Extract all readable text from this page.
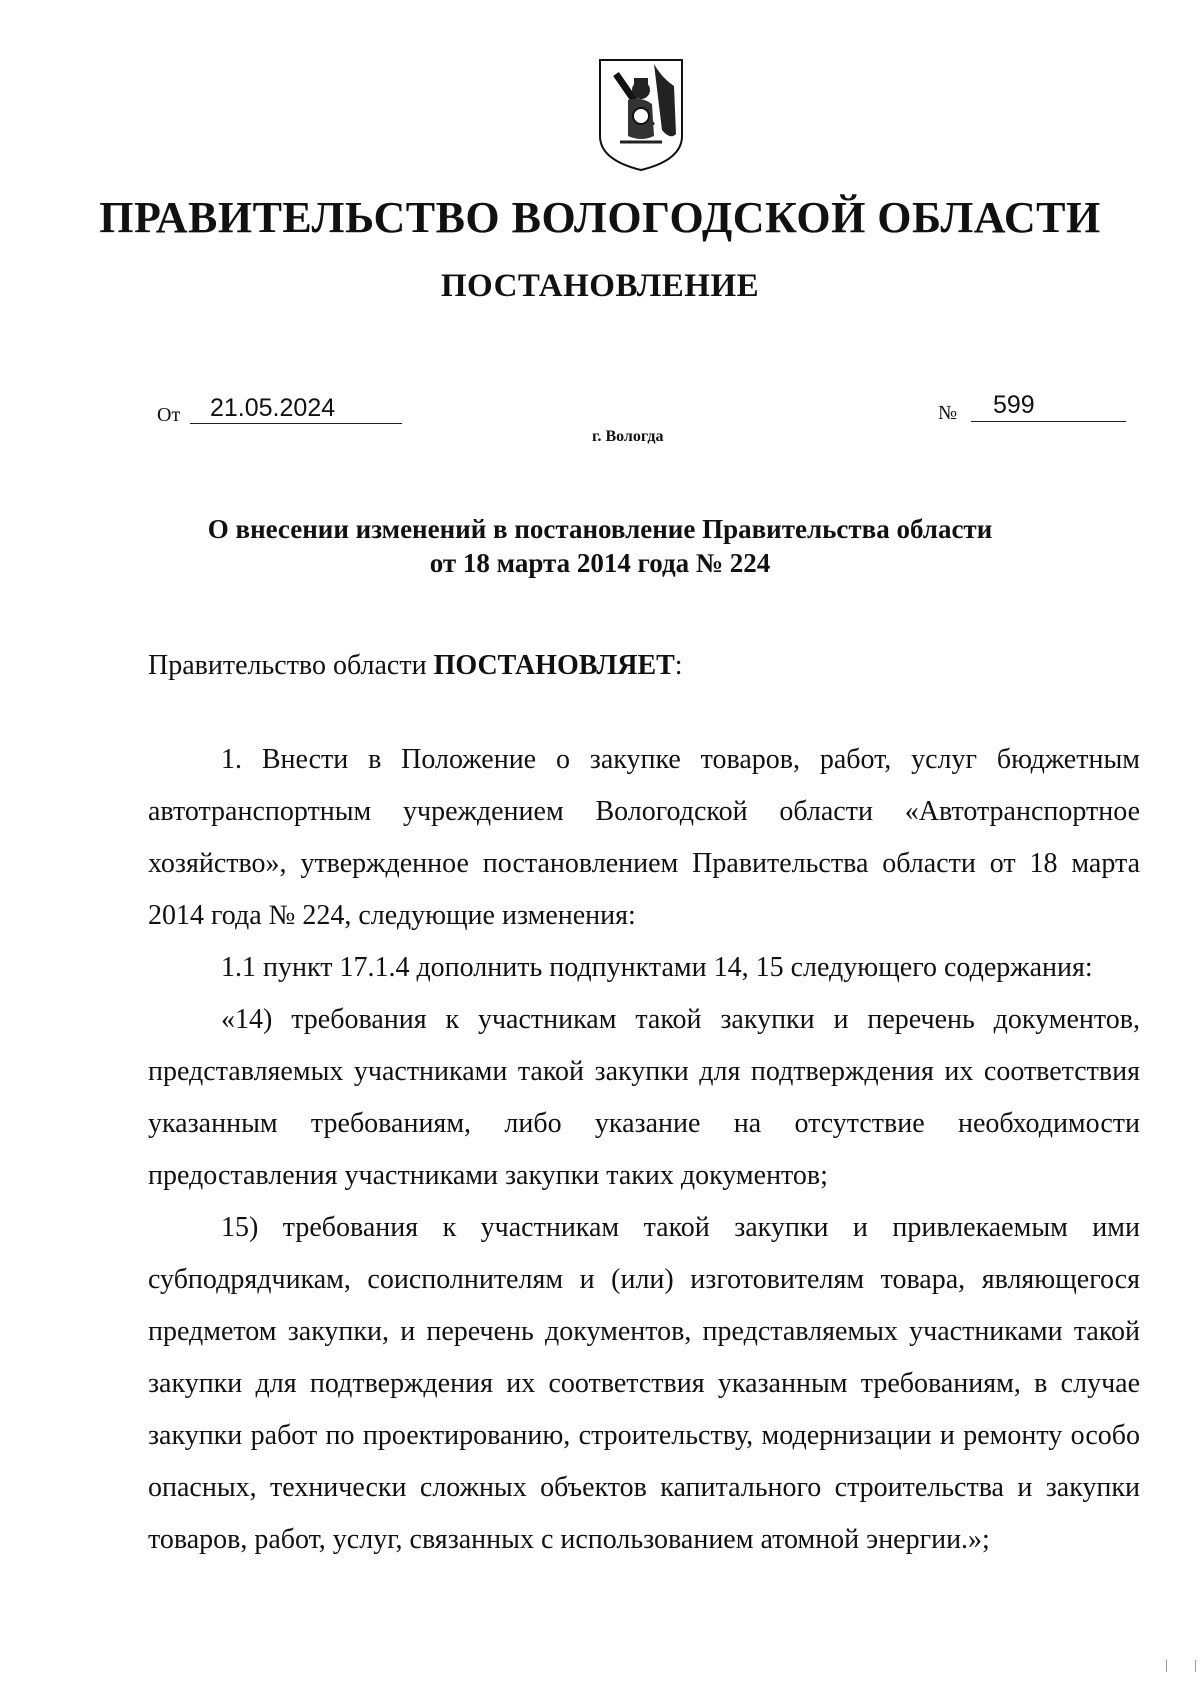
ПРАВИТЕЛЬСТВО ВОЛОГОДСКОЙ ОБЛАСТИ
ПОСТАНОВЛЕНИЕ
От	21.05.2024	№	599
г. Вологда
О внесении изменений в постановление Правительства области
от 18 марта 2014 года № 224
Правительство области ПОСТАНОВЛЯЕТ:

1. Внести в Положение о закупке товаров, работ, услуг бюджетным автотранспортным учреждением Вологодской области «Автотранспортное хозяйство», утвержденное постановлением Правительства области от 18 марта 2014 года № 224, следующие изменения:

1.1 пункт 17.1.4 дополнить подпунктами 14, 15 следующего содержания:

«14) требования к участникам такой закупки и перечень документов, представляемых участниками такой закупки для подтверждения их соответствия указанным требованиям, либо указание на отсутствие необходимости предоставления участниками закупки таких документов;

15) требования к участникам такой закупки и привлекаемым ими субподрядчикам, соисполнителям и (или) изготовителям товара, являющегося предметом закупки, и перечень документов, представляемых участниками такой закупки для подтверждения их соответствия указанным требованиям, в случае закупки работ по проектированию, строительству, модернизации и ремонту особо опасных, технически сложных объектов капитального строительства и закупки товаров, работ, услуг, связанных с использованием атомной энергии.»;
